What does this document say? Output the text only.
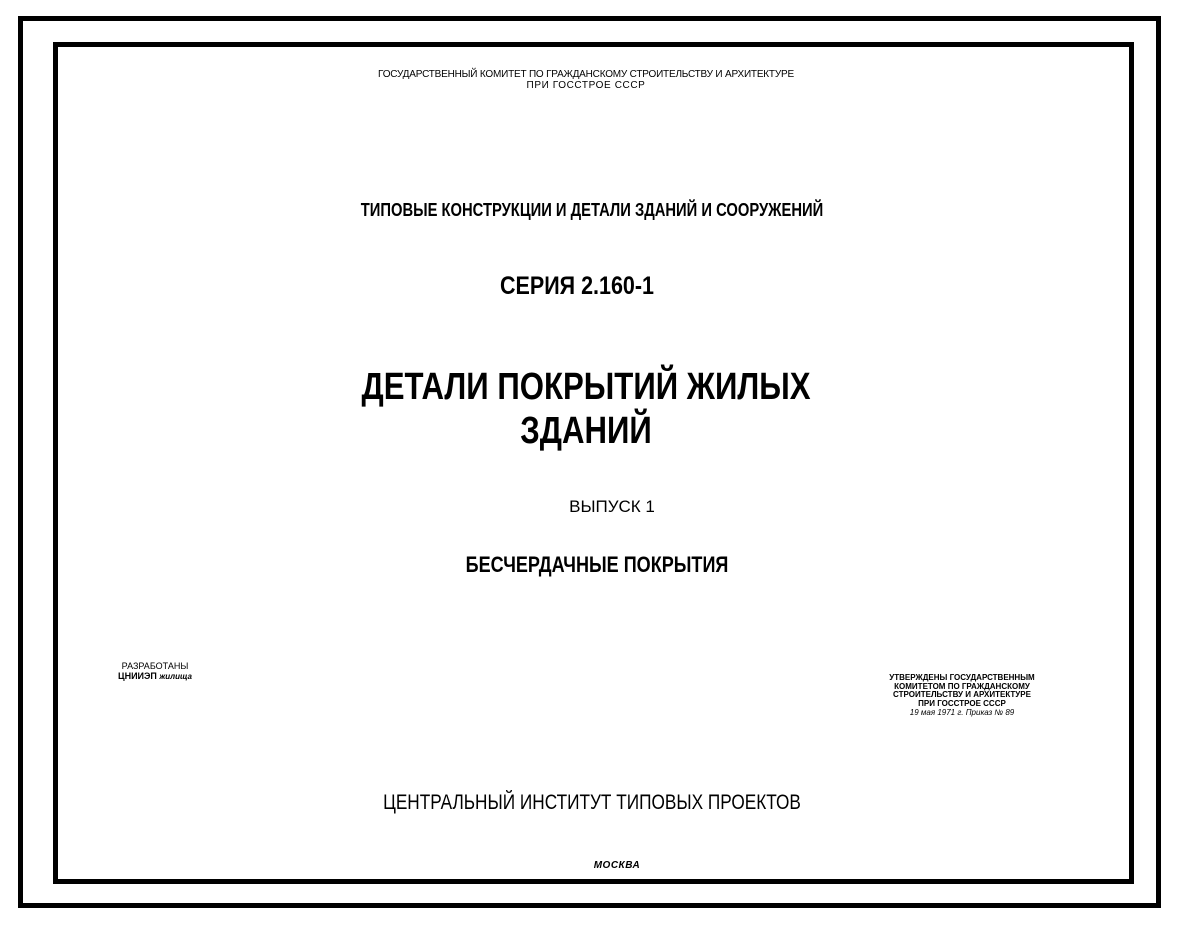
ГОСУДАРСТВЕННЫЙ КОМИТЕТ ПО ГРАЖДАНСКОМУ СТРОИТЕЛЬСТВУ И АРХИТЕКТУРЕ
ПРИ ГОССТРОЕ СССР
ТИПОВЫЕ КОНСТРУКЦИИ И ДЕТАЛИ ЗДАНИЙ И СООРУЖЕНИЙ
СЕРИЯ 2.160-1
ДЕТАЛИ ПОКРЫТИЙ ЖИЛЫХ
ЗДАНИЙ
ВЫПУСК 1
БЕСЧЕРДАЧНЫЕ ПОКРЫТИЯ
РАЗРАБОТАНЫ
ЦНИИЭП жилища	УТВЕРЖДЕНЫ ГОСУДАРСТВЕННЫМ
КОМИТЕТОМ ПО ГРАЖДАНСКОМУ
СТРОИТЕЛЬСТВУ И АРХИТЕКТУРЕ
ПРИ ГОССТРОЕ СССР
19 мая 1971 г. Приказ № 89
ЦЕНТРАЛЬНЫЙ ИНСТИТУТ ТИПОВЫХ ПРОЕКТОВ
МОСКВА
